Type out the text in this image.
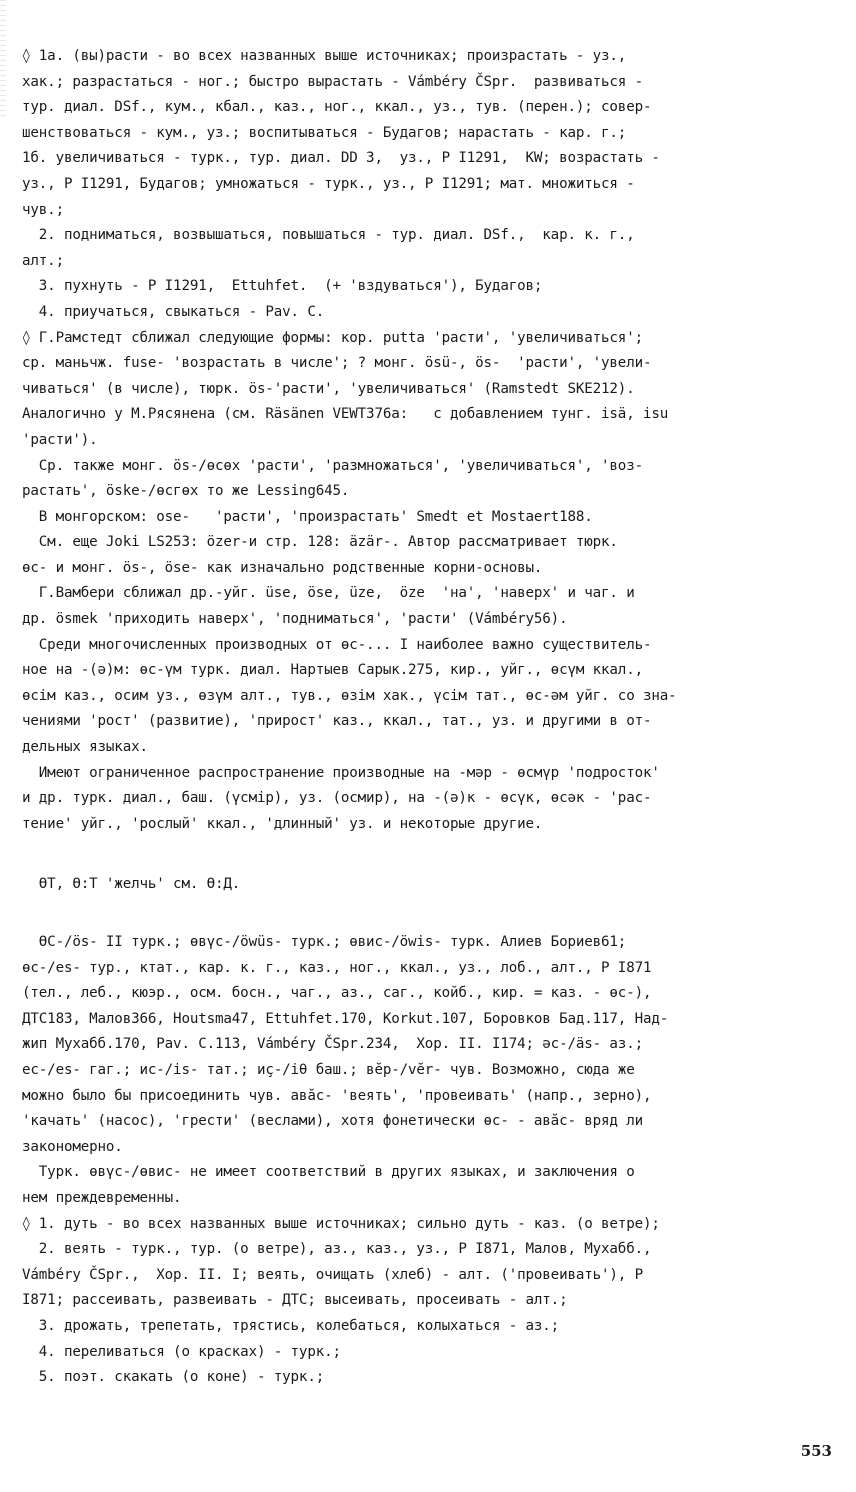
◊ 1a. (вы)расти - во всех названных выше источниках; произрастать - уз.,
хак.; разрастаться - ног.; быстро вырастать - Vámbéry ČSpr.  развиваться -
тур. диал. DSf., кум., кбал., каз., ног., ккал., уз., тув. (перен.); совер-
шенствоваться - кум., уз.; воспитываться - Будагов; нарастать - кар. г.;
1б. увеличиваться - турк., тур. диал. DD 3,  уз., Р I1291,  KW; возрастать -
уз., Р I1291, Будагов; умножаться - турк., уз., Р I1291; мат. множиться -
чув.;
2. подниматься, возвышаться, повышаться - тур. диал. DSf.,  кар. к. г.,
алт.;
3. пухнуть - Р I1291,  Ettuhfet.  (+ 'вздуваться'), Будагов;
4. приучаться, свыкаться - Pav. C.
◊ Г.Рамстедт сближал следующие формы: кор. putta 'расти', 'увеличиваться';
ср. маньчж. fuse- 'возрастать в числе'; ? монг. ösü-, ös-  'расти', 'увели-
чиваться' (в числе), тюрк. ös-'расти', 'увеличиваться' (Ramstedt SKE212).
Аналогично у М.Рясянена (см. Räsänen VEWT376a:   с добавлением тунг. isä, isu
'расти').
Ср. также монг. ös-/өсөх 'расти', 'размножаться', 'увеличиваться', 'воз-
растать', öske-/өсгөх то же Lessing645.
В монгорском: ose-   'расти', 'произрастать' Smedt et Mostaert188.
См. еще Joki LS253: özer-и стр. 128: äzär-. Автор рассматривает тюрк.
өс- и монг. ös-, öse- как изначально родственные корни-основы.
Г.Вамбери сближал др.-уйг. üse, öse, üze,  öze  'на', 'наверх' и чаг. и
др. ösmek 'приходить наверх', 'подниматься', 'расти' (Vámbéry56).
Среди многочисленных производных от өс-... I наиболее важно существитель-
ное на -(ә)м: өс-үм турк. диал. Нартыев Сарык.275, кир., уйг., өсүм ккал.,
өсім каз., осим уз., өзүм алт., тув., өзім хак., үсім тат., өс-әм уйг. со зна-
чениями 'рост' (развитие), 'прирост' каз., ккал., тат., уз. и другими в от-
дельных языках.
Имеют ограниченное распространение производные на -мәр - өсмүр 'подросток'
и др. турк. диал., баш. (үсмір), уз. (осмир), на -(ә)к - өсүк, өсәк - 'рас-
тение' уйг., 'рослый' ккал., 'длинный' уз. и некоторые другие.
ӨТ, Ө:Т 'желчь' см. Ө:Д.
ӨС-/ös- II турк.; өвүс-/öwüs- турк.; өвис-/öwis- турк. Алиев Бориев61;
өс-/es- тур., ктат., кар. к. г., каз., ног., ккал., уз., лоб., алт., Р I871
(тел., леб., кюэр., осм. босн., чаг., аз., саг., койб., кир. = каз. - өс-),
ДТС183, Малов366, Houtsma47, Ettuhfet.170, Korkut.107, Боровков Бад.117, Над-
жип Мухабб.170, Pav. C.113, Vámbéry ČSpr.234,  Хор. II. I174; әс-/äs- аз.;
ес-/es- гаг.; ис-/is- тат.; иç-/iθ баш.; вӗр-/vĕr- чув. Возможно, сюда же
можно было бы присоединить чув. авӑс- 'веять', 'провеивать' (напр., зерно),
'качать' (насос), 'грести' (веслами), хотя фонетически өс- - авӑс- вряд ли
закономерно.
Турк. өвүс-/өвис- не имеет соответствий в других языках, и заключения о
нем преждевременны.
◊ 1. дуть - во всех названных выше источниках; сильно дуть - каз. (о ветре);
2. веять - турк., тур. (о ветре), аз., каз., уз., Р I871, Малов, Мухабб.,
Vámbéry ČSpr.,  Хор. II. I; веять, очищать (хлеб) - алт. ('провеивать'), Р
I871; рассеивать, развеивать - ДТС; высеивать, просеивать - алт.;
3. дрожать, трепетать, трястись, колебаться, колыхаться - аз.;
4. переливаться (о красках) - турк.;
5. поэт. скакать (о коне) - турк.;
553
